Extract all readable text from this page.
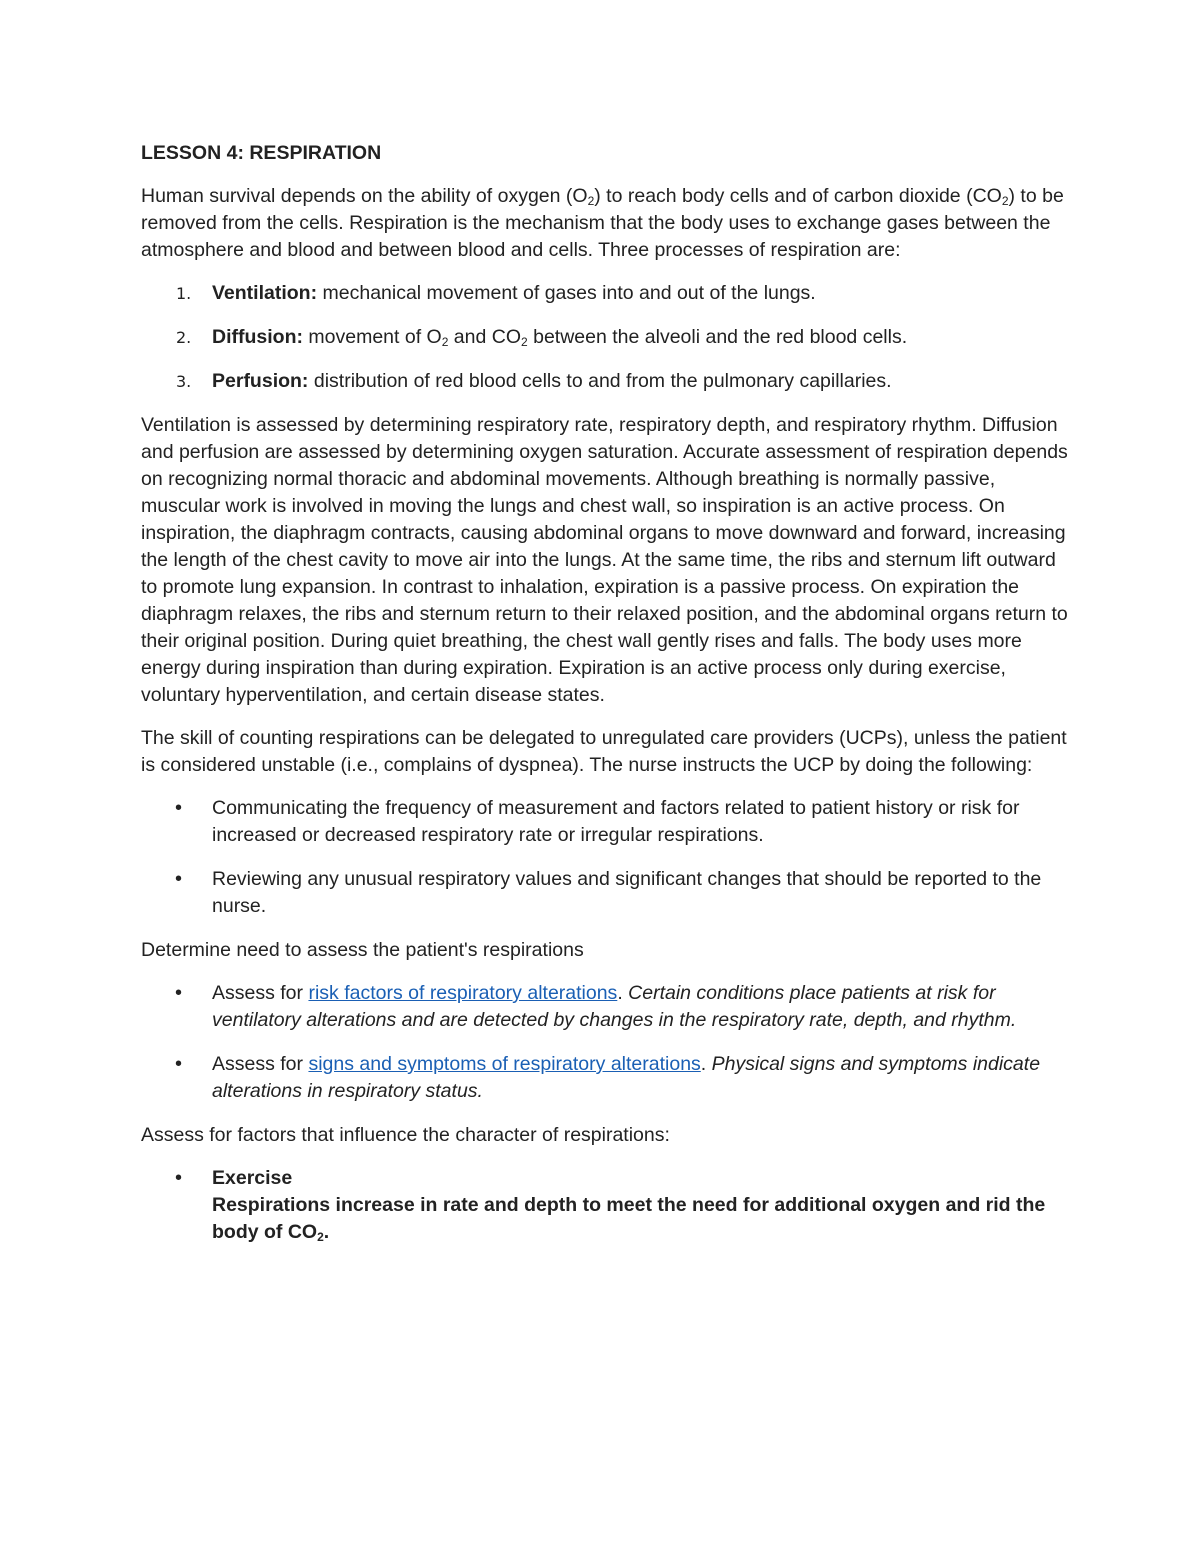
LESSON 4: RESPIRATION

Human survival depends on the ability of oxygen $(O_2)$ to reach body cells and of carbon dioxide $(CO_2)$ to be removed from the cells. Respiration is the mechanism that the body uses to exchange gases between the atmosphere and blood and between blood and cells. Three processes of respiration are:

1. Ventilation: mechanical movement of gases into and out of the lungs.
2. Diffusion: movement of $O_2$ and $CO_2$ between the alveoli and the red blood cells.
3. Perfusion: distribution of red blood cells to and from the pulmonary capillaries.

Ventilation is assessed by determining respiratory rate, respiratory depth, and respiratory rhythm. Diffusion and perfusion are assessed by determining oxygen saturation. Accurate assessment of respiration depends on recognizing normal thoracic and abdominal movements. Although breathing is normally passive, muscular work is involved in moving the lungs and chest wall, so inspiration is an active process. On inspiration, the diaphragm contracts, causing abdominal organs to move downward and forward, increasing the length of the chest cavity to move air into the lungs. At the same time, the ribs and sternum lift outward to promote lung expansion. In contrast to inhalation, expiration is a passive process. On expiration the diaphragm relaxes, the ribs and sternum return to their relaxed position, and the abdominal organs return to their original position. During quiet breathing, the chest wall gently rises and falls. The body uses more energy during inspiration than during expiration. Expiration is an active process only during exercise, voluntary hyperventilation, and certain disease states.

The skill of counting respirations can be delegated to unregulated care providers (UCPs), unless the patient is considered unstable (i.e., complains of dyspnea). The nurse instructs the UCP by doing the following:

• Communicating the frequency of measurement and factors related to patient history or risk for increased or decreased respiratory rate or irregular respirations.
• Reviewing any unusual respiratory values and significant changes that should be reported to the nurse.

Determine need to assess the patient's respirations

• Assess for risk factors of respiratory alterations. Certain conditions place patients at risk for ventilatory alterations and are detected by changes in the respiratory rate, depth, and rhythm.
• Assess for signs and symptoms of respiratory alterations. Physical signs and symptoms indicate alterations in respiratory status.

Assess for factors that influence the character of respirations:

• Exercise
Respirations increase in rate and depth to meet the need for additional oxygen and rid the body of $CO_2$.
